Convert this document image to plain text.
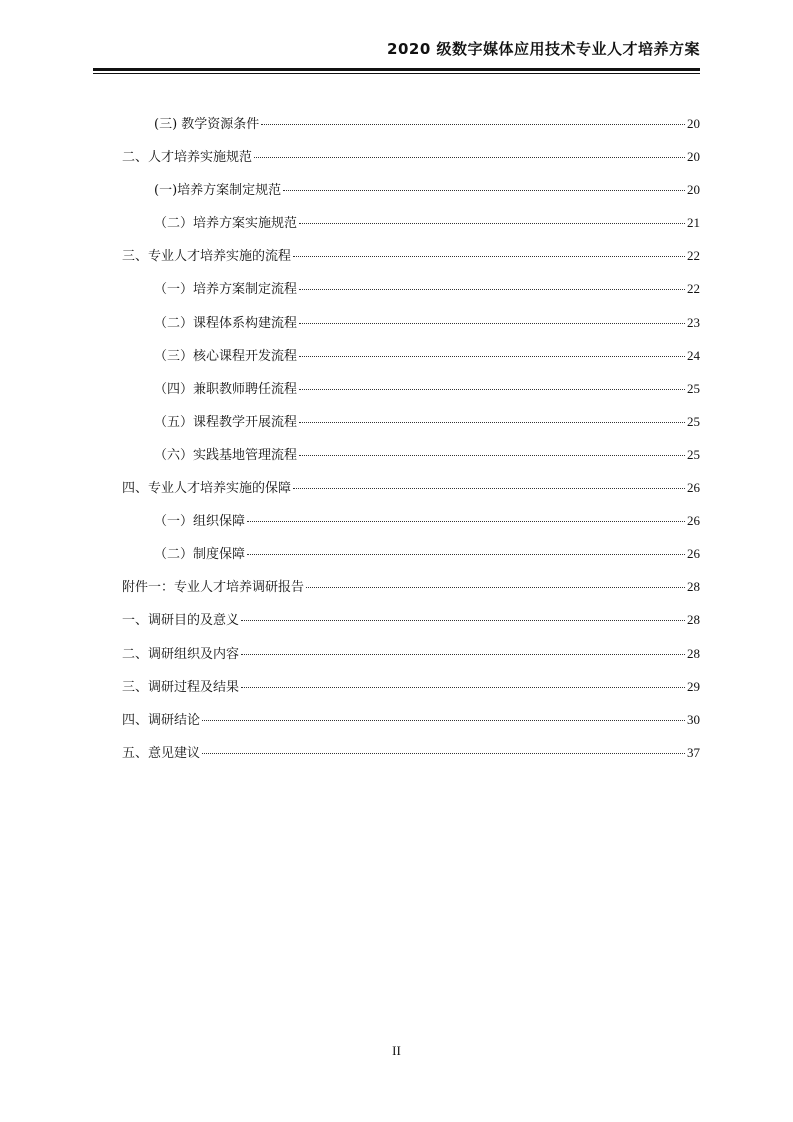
2020 级数字媒体应用技术专业人才培养方案
(三) 教学资源条件	20
二、人才培养实施规范	20
(一)培养方案制定规范	20
（二）培养方案实施规范	21
三、专业人才培养实施的流程	22
（一）培养方案制定流程	22
（二）课程体系构建流程	23
（三）核心课程开发流程	24
（四）兼职教师聘任流程	25
（五）课程教学开展流程	25
（六）实践基地管理流程	25
四、专业人才培养实施的保障	26
（一）组织保障	26
（二）制度保障	26
附件一：专业人才培养调研报告	28
一、调研目的及意义	28
二、调研组织及内容	28
三、调研过程及结果	29
四、调研结论	30
五、意见建议	37
II
